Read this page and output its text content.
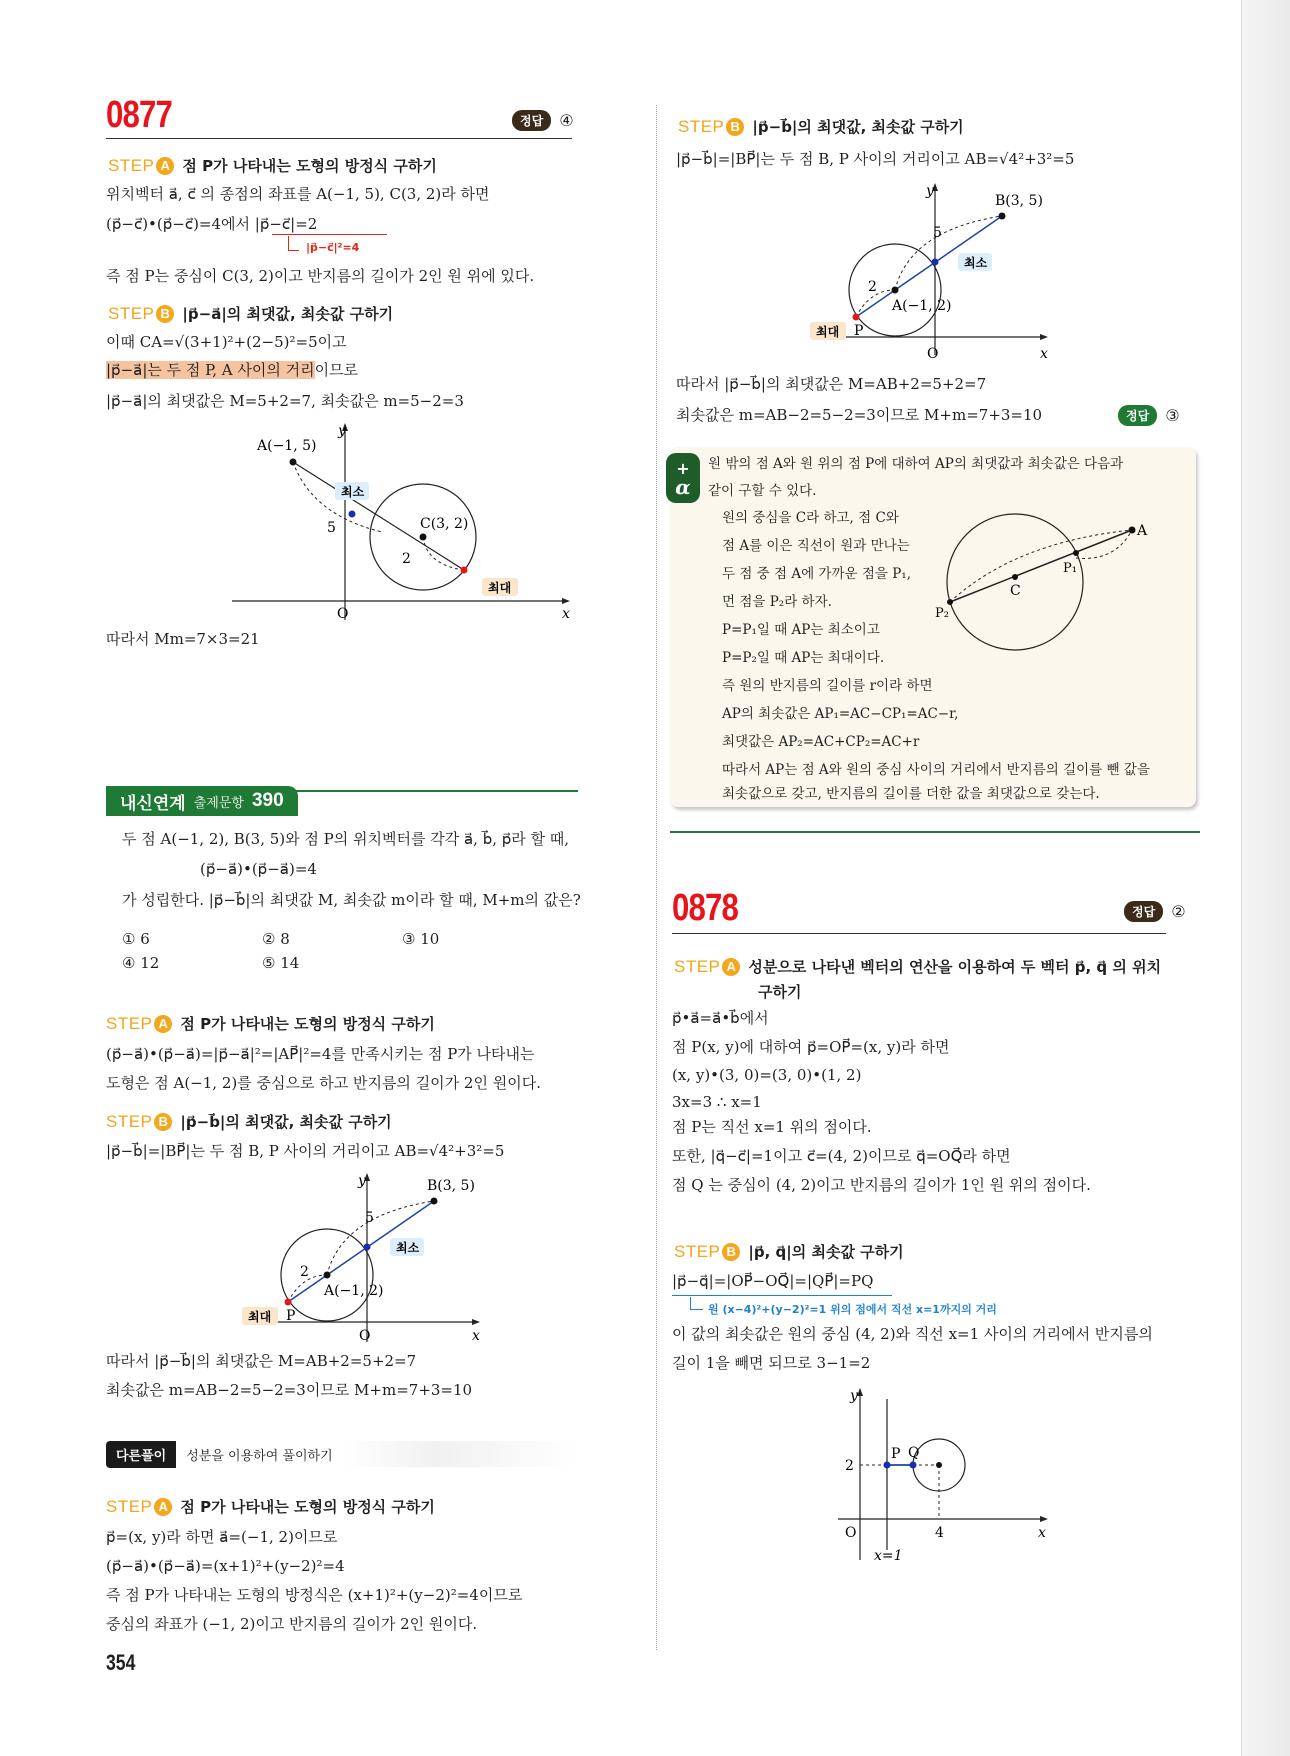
0877	정답	④
STEP A 점 P가 나타내는 도형의 방정식 구하기
위치벡터 a⃗, c⃗ 의 종점의 좌표를 A(−1, 5), C(3, 2)라 하면
(p⃗−c⃗)•(p⃗−c⃗)=4에서 |p⃗−c⃗|=2
|p⃗−c⃗|²=4
즉 점 P는 중심이 C(3, 2)이고 반지름의 길이가 2인 원 위에 있다.
STEP B |p⃗−a⃗|의 최댓값, 최솟값 구하기
이때 CA=√(3+1)²+(2−5)²=5이고
|p⃗−a⃗|는 두 점 P, A 사이의 거리이므로
|p⃗−a⃗|의 최댓값은 M=5+2=7, 최솟값은 m=5−2=3
y
x
O
A(−1, 5)
C(3, 2)
5
2
최소
최대
따라서 Mm=7×3=21
내신연계 출제문항 390
두 점 A(−1, 2), B(3, 5)와 점 P의 위치벡터를 각각 a⃗, b⃗, p⃗라 할 때,
(p⃗−a⃗)•(p⃗−a⃗)=4
가 성립한다. |p⃗−b⃗|의 최댓값 M, 최솟값 m이라 할 때, M+m의 값은?
① 6	② 8	③ 10
④ 12	⑤ 14
STEP A 점 P가 나타내는 도형의 방정식 구하기
(p⃗−a⃗)•(p⃗−a⃗)=|p⃗−a⃗|²=|AP⃗|²=4를 만족시키는 점 P가 나타내는
도형은 점 A(−1, 2)를 중심으로 하고 반지름의 길이가 2인 원이다.
STEP B |p⃗−b⃗|의 최댓값, 최솟값 구하기
|p⃗−b⃗|=|BP⃗|는 두 점 B, P 사이의 거리이고 AB=√4²+3²=5
y
x
O
B(3, 5)
A(−1, 2)
P
5
2
최소
최대
따라서 |p⃗−b⃗|의 최댓값은 M=AB+2=5+2=7
최솟값은 m=AB−2=5−2=3이므로 M+m=7+3=10
다른풀이	성분을 이용하여 풀이하기
STEP A 점 P가 나타내는 도형의 방정식 구하기
p⃗=(x, y)라 하면 a⃗=(−1, 2)이므로
(p⃗−a⃗)•(p⃗−a⃗)=(x+1)²+(y−2)²=4
즉 점 P가 나타내는 도형의 방정식은 (x+1)²+(y−2)²=4이므로
중심의 좌표가 (−1, 2)이고 반지름의 길이가 2인 원이다.
354
STEP B |p⃗−b⃗|의 최댓값, 최솟값 구하기
|p⃗−b⃗|=|BP⃗|는 두 점 B, P 사이의 거리이고 AB=√4²+3²=5
y
x
O
B(3, 5)
A(−1, 2)
P
5
2
최소
최대
따라서 |p⃗−b⃗|의 최댓값은 M=AB+2=5+2=7
최솟값은 m=AB−2=5−2=3이므로 M+m=7+3=10	정답	③
+
α
원 밖의 점 A와 원 위의 점 P에 대하여 AP의 최댓값과 최솟값은 다음과
같이 구할 수 있다.
원의 중심을 C라 하고, 점 C와
점 A를 이은 직선이 원과 만나는
두 점 중 점 A에 가까운 점을 P₁,
먼 점을 P₂라 하자.
P=P₁일 때 AP는 최소이고
P=P₂일 때 AP는 최대이다.
즉 원의 반지름의 길이를 r이라 하면
AP의 최솟값은 AP₁=AC−CP₁=AC−r,
최댓값은 AP₂=AC+CP₂=AC+r
따라서 AP는 점 A와 원의 중심 사이의 거리에서 반지름의 길이를 뺀 값을
최솟값으로 갖고, 반지름의 길이를 더한 값을 최댓값으로 갖는다.
A
C
P₁
P₂
0878	정답	②
STEP A 성분으로 나타낸 벡터의 연산을 이용하여 두 벡터 p⃗, q⃗ 의 위치
구하기
p⃗•a⃗=a⃗•b⃗에서
점 P(x, y)에 대하여 p⃗=OP⃗=(x, y)라 하면
(x, y)•(3, 0)=(3, 0)•(1, 2)
3x=3 ∴ x=1
점 P는 직선 x=1 위의 점이다.
또한, |q⃗−c⃗|=1이고 c⃗=(4, 2)이므로 q⃗=OQ⃗라 하면
점 Q 는 중심이 (4, 2)이고 반지름의 길이가 1인 원 위의 점이다.
STEP B |p⃗, q⃗|의 최솟값 구하기
|p⃗−q⃗|=|OP⃗−OQ⃗|=|QP⃗|=PQ
원 (x−4)²+(y−2)²=1 위의 점에서 직선 x=1까지의 거리
이 값의 최솟값은 원의 중심 (4, 2)와 직선 x=1 사이의 거리에서 반지름의
길이 1을 빼면 되므로 3−1=2
y
x
O
2
4
P Q
x=1
